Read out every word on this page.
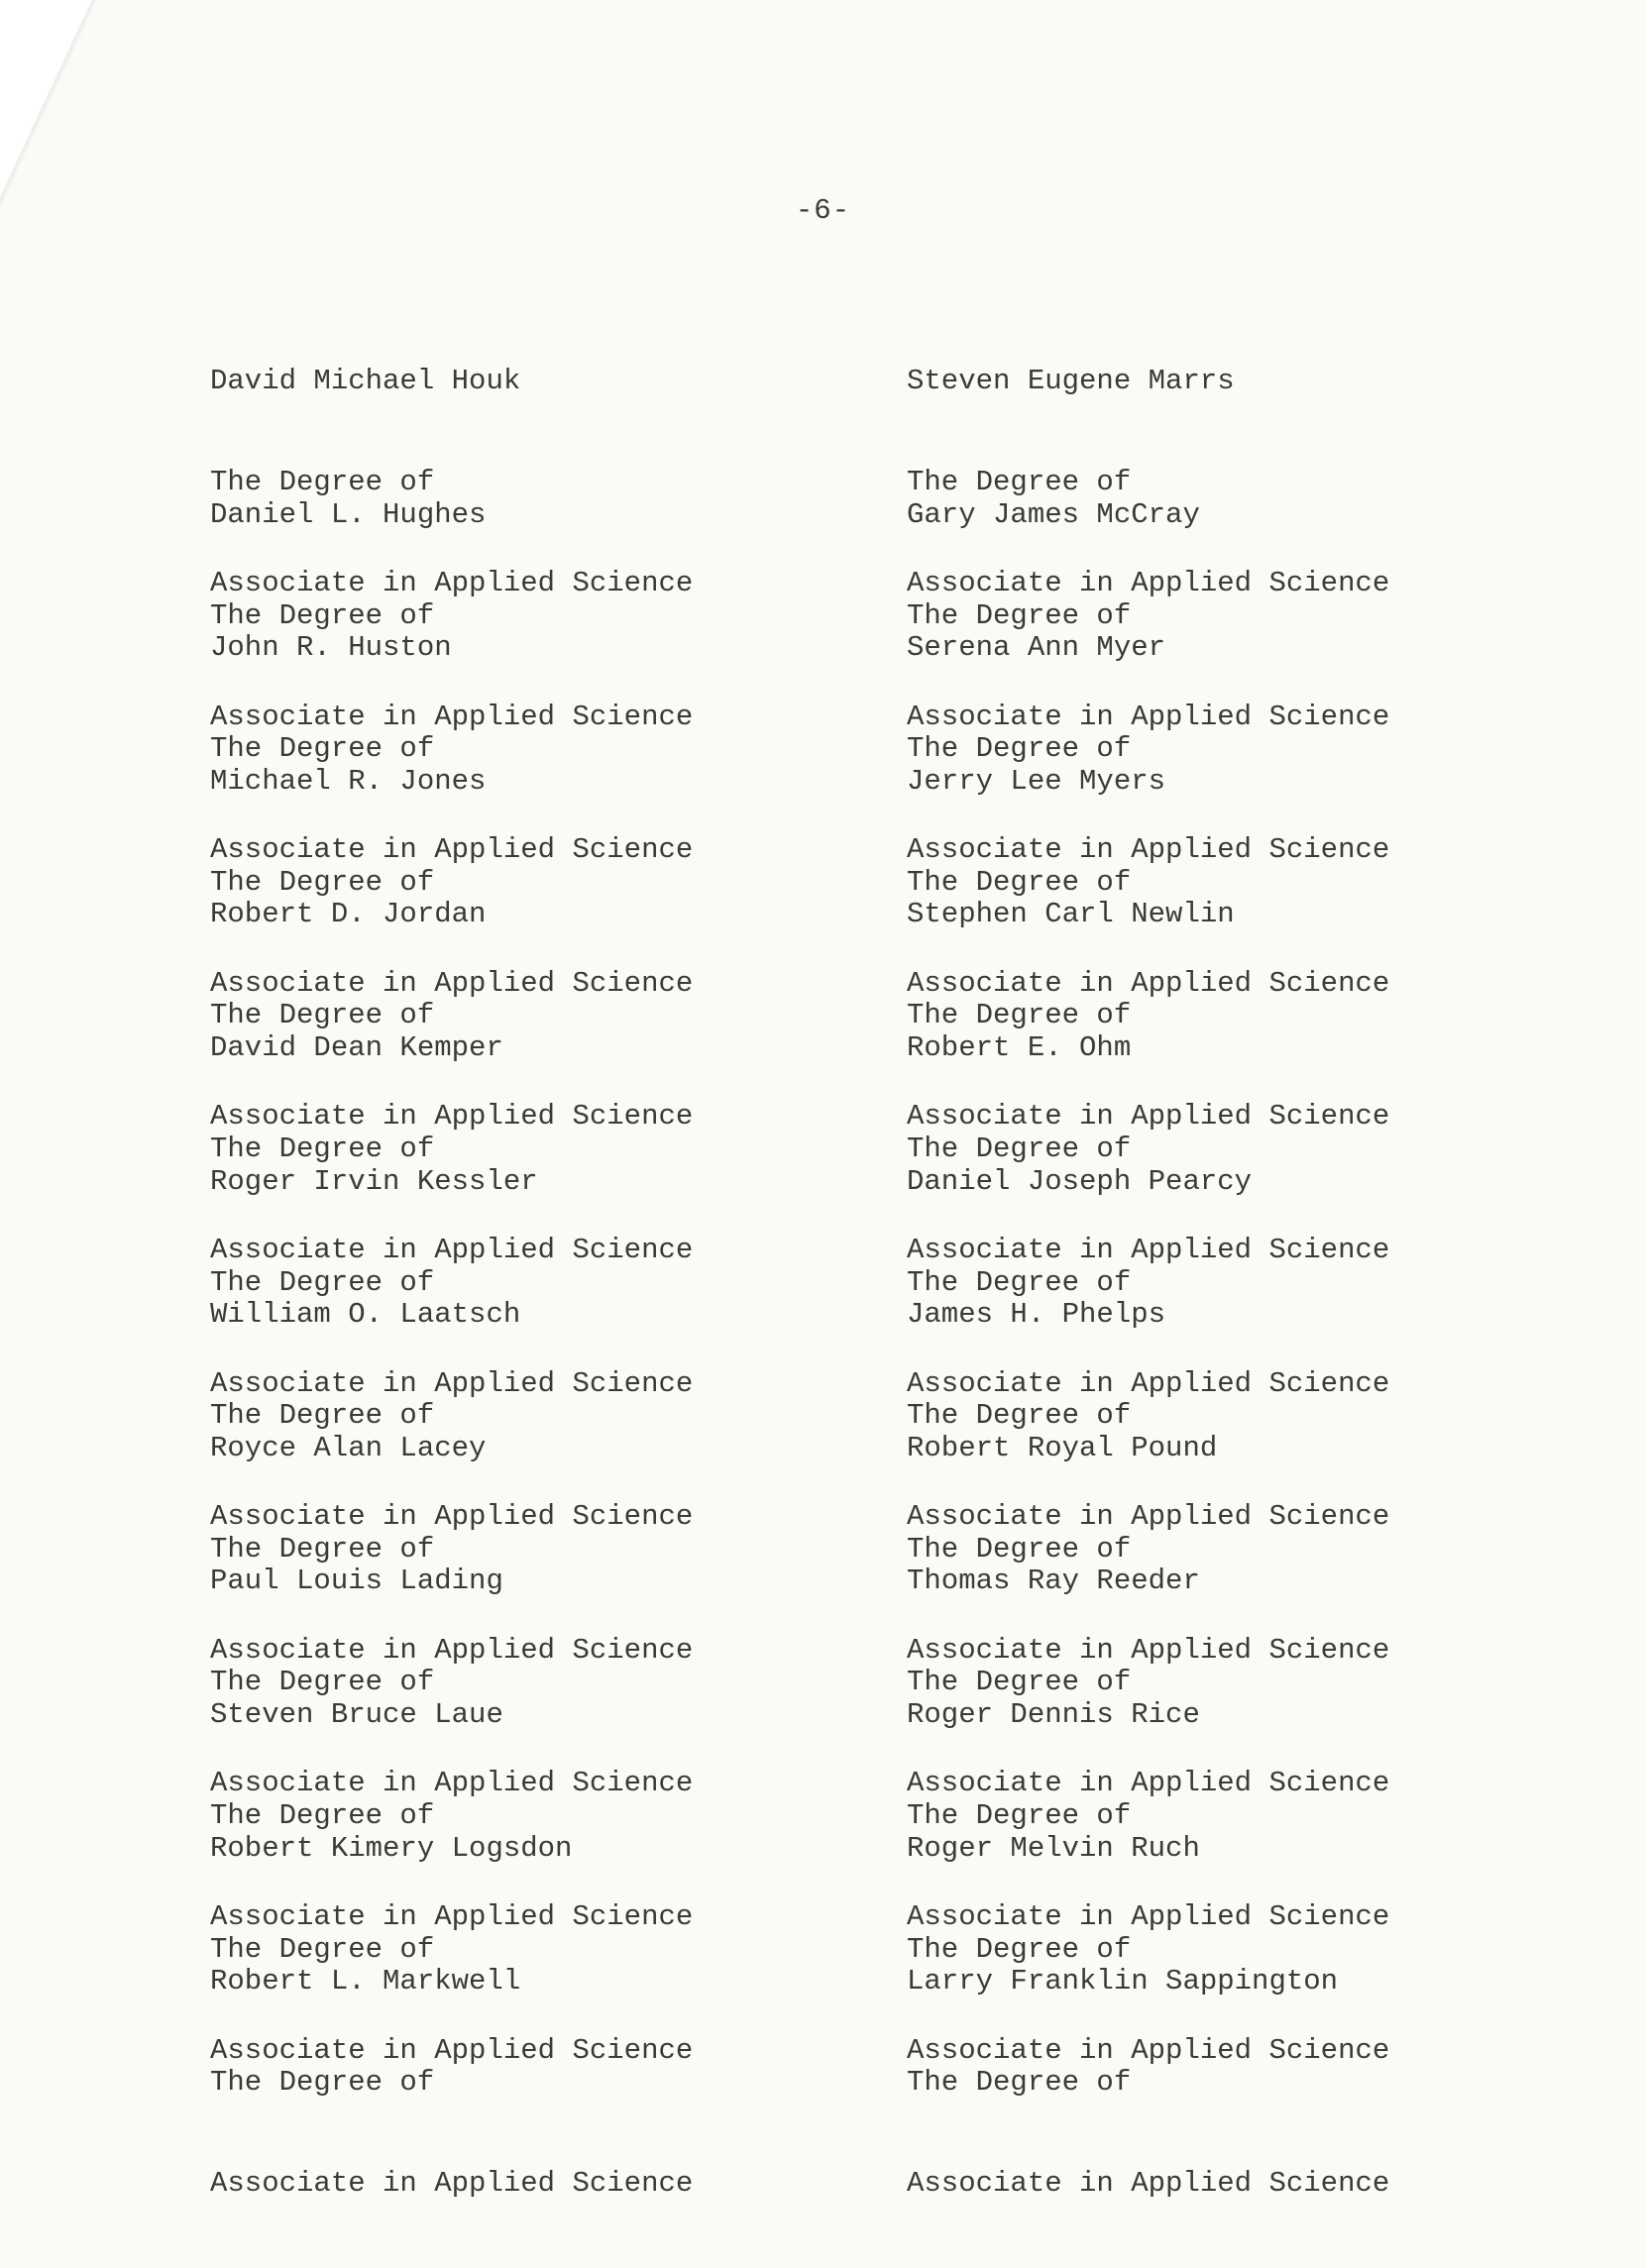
-6-

David Michael Houk

The Degree of

Associate in Applied Science

Daniel L. Hughes

The Degree of

Associate in Applied Science

John R. Huston

The Degree of

Associate in Applied Science

Michael R. Jones

The Degree of

Associate in Applied Science

Robert D. Jordan

The Degree of

Associate in Applied Science

David Dean Kemper

The Degree of

Associate in Applied Science

Roger Irvin Kessler

The Degree of

Associate in Applied Science

William O. Laatsch

The Degree of

Associate in Applied Science

Royce Alan Lacey

The Degree of

Associate in Applied Science

Paul Louis Lading

The Degree of

Associate in Applied Science

Steven Bruce Laue

The Degree of

Associate in Applied Science

Robert Kimery Logsdon

The Degree of

Associate in Applied Science

Robert L. Markwell

The Degree of

Associate in Applied Science

Steven Eugene Marrs

The Degree of

Associate in Applied Science

Gary James McCray

The Degree of

Associate in Applied Science

Serena Ann Myer

The Degree of

Associate in Applied Science

Jerry Lee Myers

The Degree of

Associate in Applied Science

Stephen Carl Newlin

The Degree of

Associate in Applied Science

Robert E. Ohm

The Degree of

Associate in Applied Science

Daniel Joseph Pearcy

The Degree of

Associate in Applied Science

James H. Phelps

The Degree of

Associate in Applied Science

Robert Royal Pound

The Degree of

Associate in Applied Science

Thomas Ray Reeder

The Degree of

Associate in Applied Science

Roger Dennis Rice

The Degree of

Associate in Applied Science

Roger Melvin Ruch

The Degree of

Associate in Applied Science

Larry Franklin Sappington

The Degree of

Associate in Applied Science
